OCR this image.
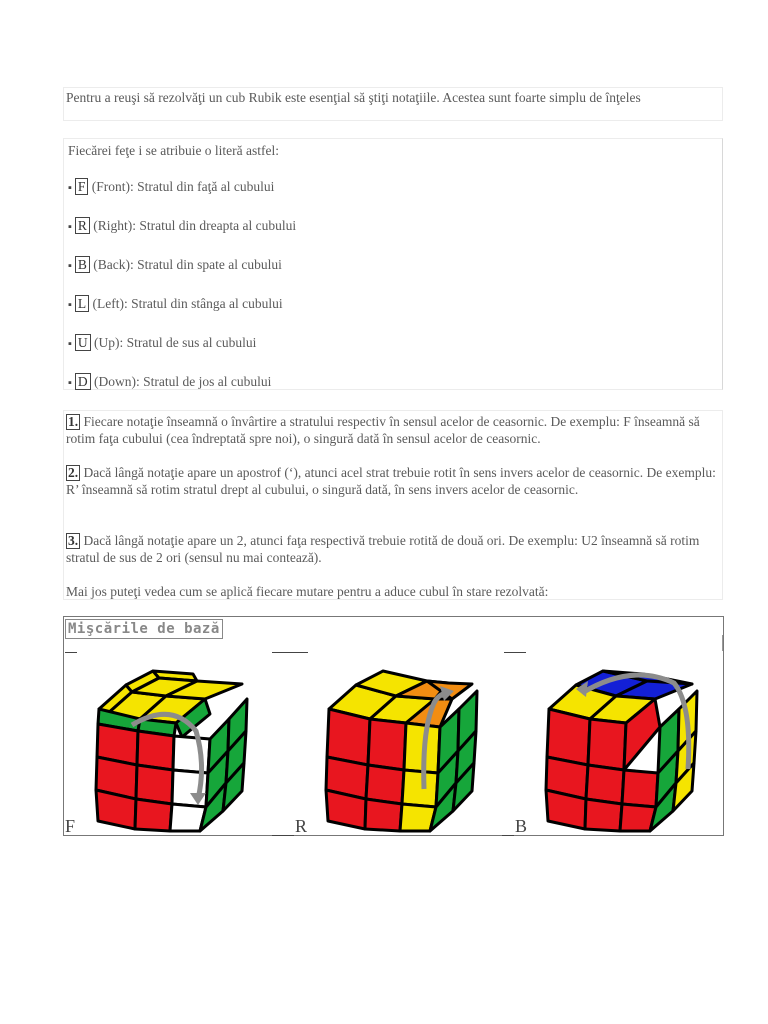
Pentru a reuşi să rezolvăţi un cub Rubik este esenţial să ştiţi notaţiile. Acestea sunt foarte simplu de înţeles
Fiecărei feţe i se atribuie o literă astfel:
▪ F (Front): Stratul din faţă al cubului
▪ R (Right): Stratul din dreapta al cubului
▪ B (Back): Stratul din spate al cubului
▪ L (Left): Stratul din stânga al cubului
▪ U (Up): Stratul de sus al cubului
▪ D (Down): Stratul de jos al cubului
1. Fiecare notaţie înseamnă o învârtire a stratului respectiv în sensul acelor de ceasornic. De exemplu: F înseamnă să rotim faţa cubului (cea îndreptată spre noi), o singură dată în sensul acelor de ceasornic.
2. Dacă lângă notaţie apare un apostrof (‘), atunci acel strat trebuie rotit în sens invers acelor de ceasornic. De exemplu: R’ înseamnă să rotim stratul drept al cubului, o singură dată, în sens invers acelor de ceasornic.
3. Dacă lângă notaţie apare un 2, atunci faţa respectivă trebuie rotită de două ori. De exemplu: U2 înseamnă să rotim stratul de sus de 2 ori (sensul nu mai contează).
Mai jos puteţi vedea cum se aplică fiecare mutare pentru a aduce cubul în stare rezolvată:
Mişcările de bază
F	R	B
